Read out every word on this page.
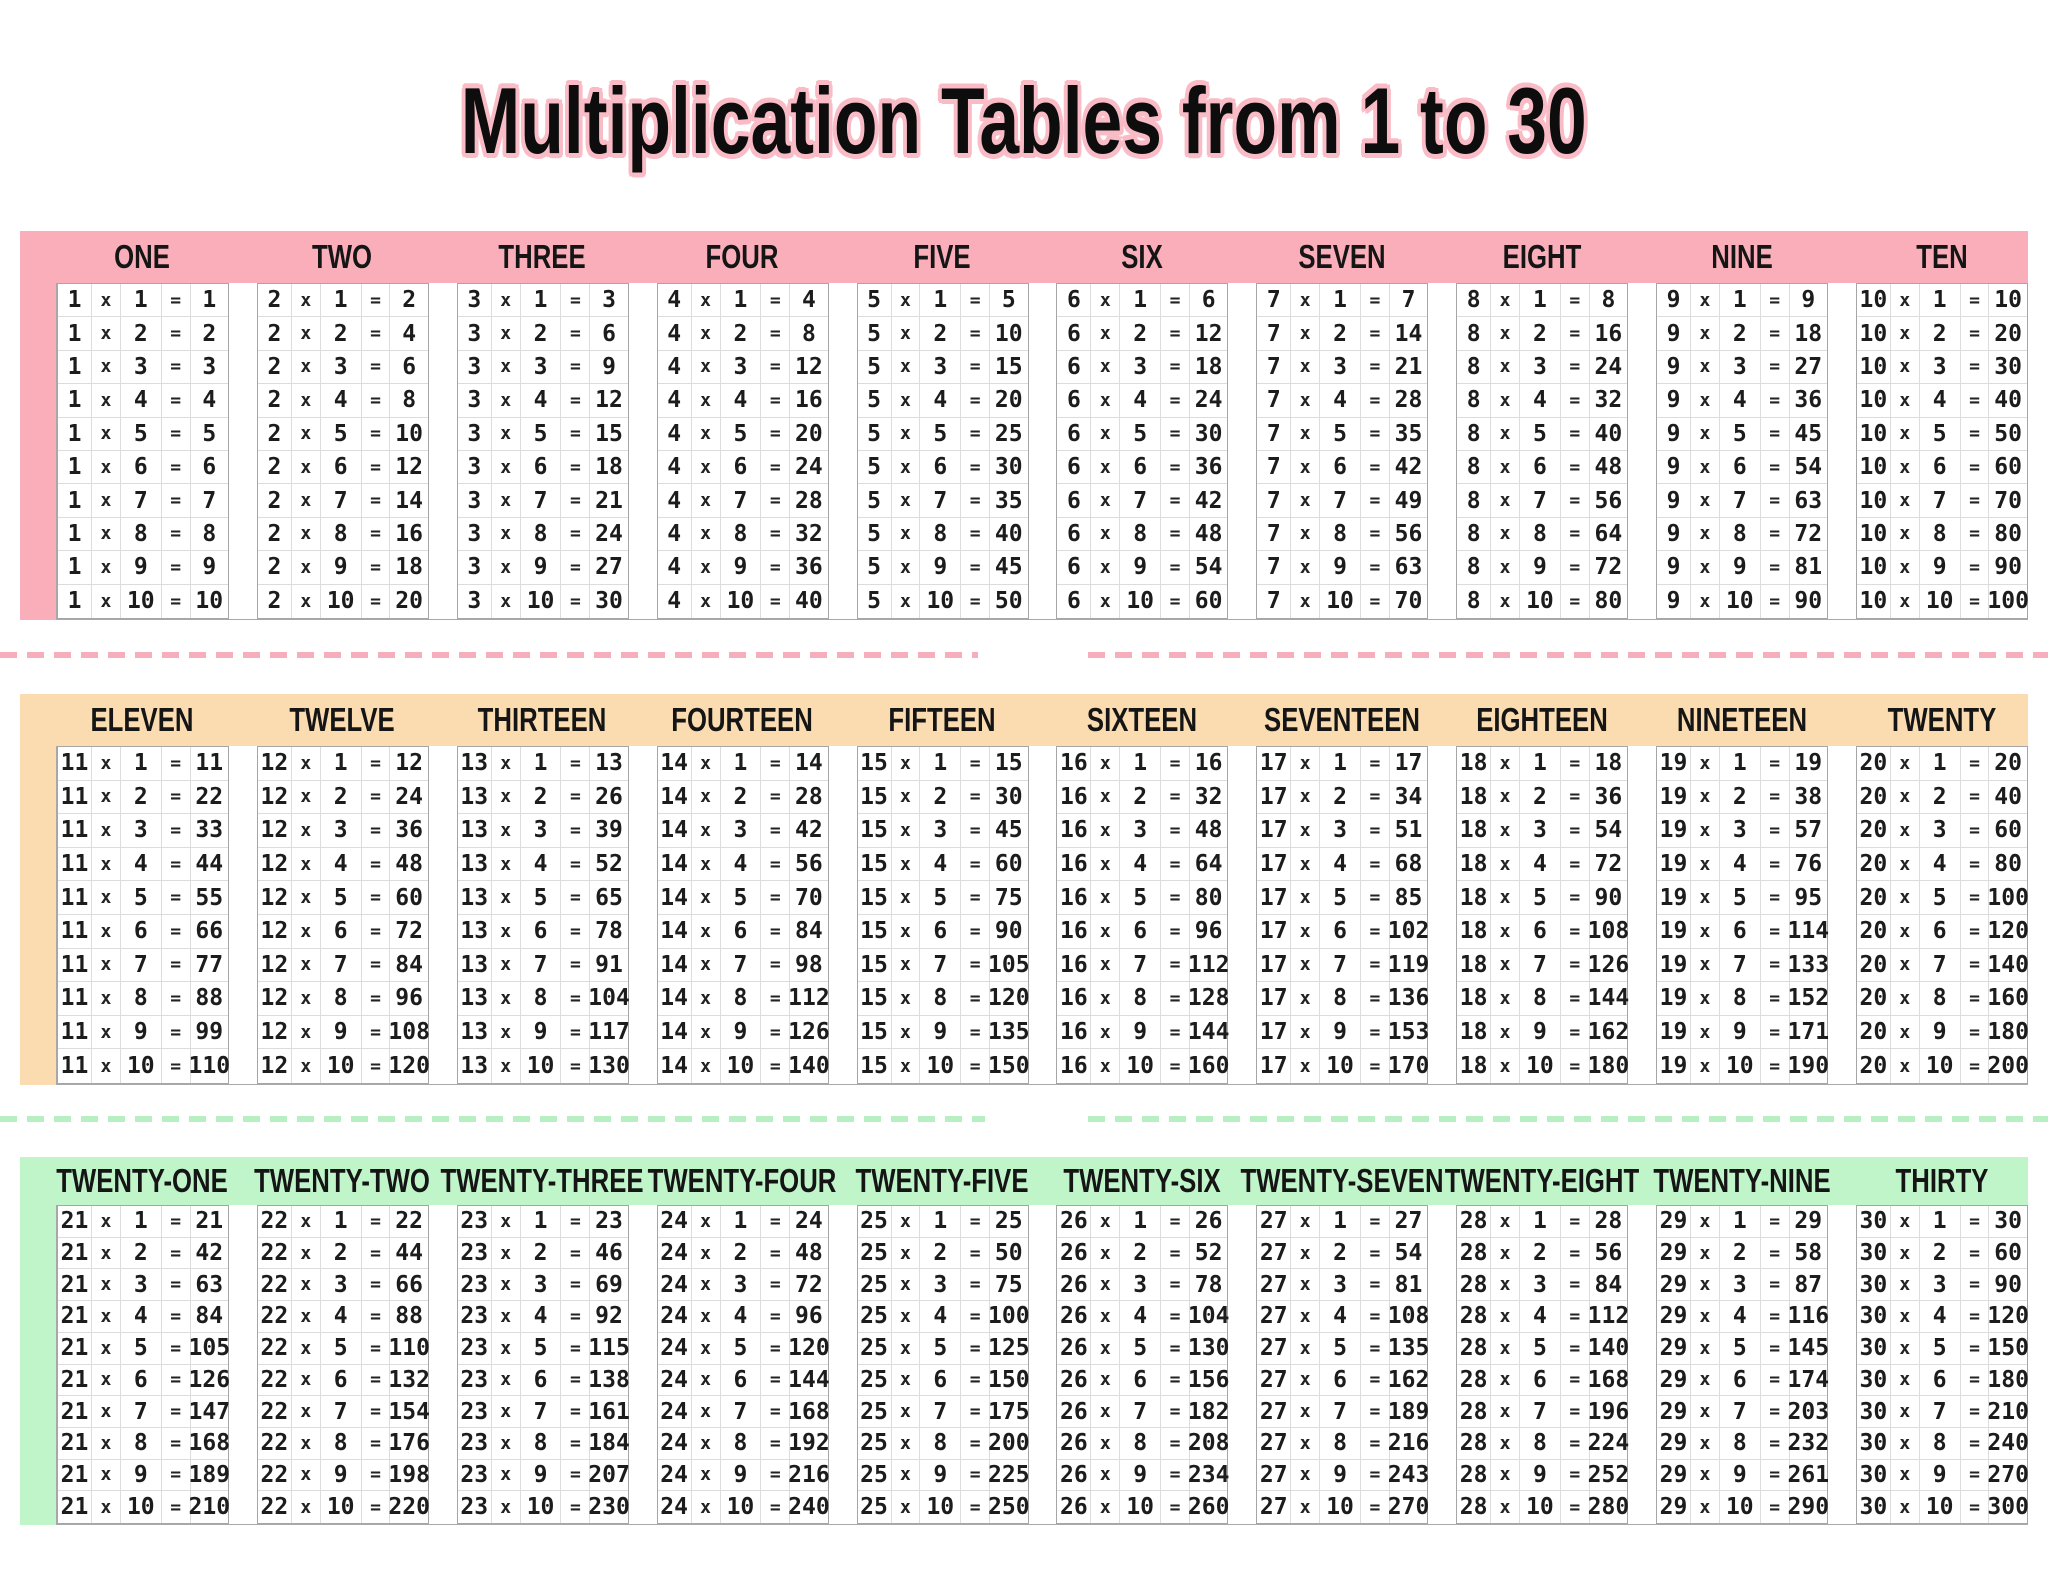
Multiplication Tables from 1 to 30
ONE	TWO	THREE	FOUR	FIVE	SIX	SEVEN	EIGHT	NINE	TEN
1	x 1	= 1
1	x 2	= 2
1	x 3	= 3
1	x 4	= 4
1	x 5	= 5
1	x 6	= 6
1	x 7	= 7
1	x 8	= 8
1	x 9	= 9
1	x 10 = 10
2	x 1	= 2
2	x 2	= 4
2	x 3	= 6
2	x 4	= 8
2	x 5	= 10
2	x 6	= 12
2	x 7	= 14
2	x 8	= 16
2	x 9	= 18
2	x 10 = 20
3	x 1	= 3
3	x 2	= 6
3	x 3	= 9
3	x 4	= 12
3	x 5	= 15
3	x 6	= 18
3	x 7	= 21
3	x 8	= 24
3	x 9	= 27
3	x 10 = 30
4	x 1	= 4
4	x 2	= 8
4	x 3	= 12
4	x 4	= 16
4	x 5	= 20
4	x 6	= 24
4	x 7	= 28
4	x 8	= 32
4	x 9	= 36
4	x 10 = 40
5	x 1	= 5
5	x 2	= 10
5	x 3	= 15
5	x 4	= 20
5	x 5	= 25
5	x 6	= 30
5	x 7	= 35
5	x 8	= 40
5	x 9	= 45
5	x 10 = 50
6	x 1	= 6
6	x 2	= 12
6	x 3	= 18
6	x 4	= 24
6	x 5	= 30
6	x 6	= 36
6	x 7	= 42
6	x 8	= 48
6	x 9	= 54
6	x 10 = 60
7	x 1	= 7
7	x 2	= 14
7	x 3	= 21
7	x 4	= 28
7	x 5	= 35
7	x 6	= 42
7	x 7	= 49
7	x 8	= 56
7	x 9	= 63
7	x 10 = 70
8	x 1	= 8
8	x 2	= 16
8	x 3	= 24
8	x 4	= 32
8	x 5	= 40
8	x 6	= 48
8	x 7	= 56
8	x 8	= 64
8	x 9	= 72
8	x 10 = 80
9	x 1	= 9
9	x 2	= 18
9	x 3	= 27
9	x 4	= 36
9	x 5	= 45
9	x 6	= 54
9	x 7	= 63
9	x 8	= 72
9	x 9	= 81
9	x 10 = 90
10 x 1	= 10
10 x 2	= 20
10 x 3	= 30
10 x 4	= 40
10 x 5	= 50
10 x 6	= 60
10 x 7	= 70
10 x 8	= 80
10 x 9	= 90
10 x 10 = 100
ELEVEN	TWELVE	THIRTEEN FOURTEEN	FIFTEEN	SIXTEEN	SEVENTEEN EIGHTEEN NINETEEN	TWENTY
11 x 1	= 11
11 x 2	= 22
11 x 3	= 33
11 x 4	= 44
11 x 5	= 55
11 x 6	= 66
11 x 7	= 77
11 x 8	= 88
11 x 9	= 99
11 x 10 = 110
12 x 1	= 12
12 x 2	= 24
12 x 3	= 36
12 x 4	= 48
12 x 5	= 60
12 x 6	= 72
12 x 7	= 84
12 x 8	= 96
12 x 9	= 108
12 x 10 = 120
13 x 1	= 13
13 x 2	= 26
13 x 3	= 39
13 x 4	= 52
13 x 5	= 65
13 x 6	= 78
13 x 7	= 91
13 x 8	= 104
13 x 9	= 117
13 x 10 = 130
14 x 1	= 14
14 x 2	= 28
14 x 3	= 42
14 x 4	= 56
14 x 5	= 70
14 x 6	= 84
14 x 7	= 98
14 x 8	= 112
14 x 9	= 126
14 x 10 = 140
15 x 1	= 15
15 x 2	= 30
15 x 3	= 45
15 x 4	= 60
15 x 5	= 75
15 x 6	= 90
15 x 7	= 105
15 x 8	= 120
15 x 9	= 135
15 x 10 = 150
16 x 1	= 16
16 x 2	= 32
16 x 3	= 48
16 x 4	= 64
16 x 5	= 80
16 x 6	= 96
16 x 7	= 112
16 x 8	= 128
16 x 9	= 144
16 x 10 = 160
17 x 1	= 17
17 x 2	= 34
17 x 3	= 51
17 x 4	= 68
17 x 5	= 85
17 x 6	= 102
17 x 7	= 119
17 x 8	= 136
17 x 9	= 153
17 x 10 = 170
18 x 1	= 18
18 x 2	= 36
18 x 3	= 54
18 x 4	= 72
18 x 5	= 90
18 x 6	= 108
18 x 7	= 126
18 x 8	= 144
18 x 9	= 162
18 x 10 = 180
19 x 1	= 19
19 x 2	= 38
19 x 3	= 57
19 x 4	= 76
19 x 5	= 95
19 x 6	= 114
19 x 7	= 133
19 x 8	= 152
19 x 9	= 171
19 x 10 = 190
20 x 1	= 20
20 x 2	= 40
20 x 3	= 60
20 x 4	= 80
20 x 5	= 100
20 x 6	= 120
20 x 7	= 140
20 x 8	= 160
20 x 9	= 180
20 x 10 = 200
TWENTY-ONE TWENTY-TWO TWENTY-THREE TWENTY-FOUR TWENTY-FIVE TWENTY-SIX TWENTY-SEVEN TWENTY-EIGHT TWENTY-NINE	THIRTY
21 x 1	= 21
21 x 2	= 42
21 x 3	= 63
21 x 4	= 84
21 x 5	= 105
21 x 6	= 126
21 x 7	= 147
21 x 8	= 168
21 x 9	= 189
21 x 10 = 210
22 x 1	= 22
22 x 2	= 44
22 x 3	= 66
22 x 4	= 88
22 x 5	= 110
22 x 6	= 132
22 x 7	= 154
22 x 8	= 176
22 x 9	= 198
22 x 10 = 220
23 x 1	= 23
23 x 2	= 46
23 x 3	= 69
23 x 4	= 92
23 x 5	= 115
23 x 6	= 138
23 x 7	= 161
23 x 8	= 184
23 x 9	= 207
23 x 10 = 230
24 x 1	= 24
24 x 2	= 48
24 x 3	= 72
24 x 4	= 96
24 x 5	= 120
24 x 6	= 144
24 x 7	= 168
24 x 8	= 192
24 x 9	= 216
24 x 10 = 240
25 x 1	= 25
25 x 2	= 50
25 x 3	= 75
25 x 4	= 100
25 x 5	= 125
25 x 6	= 150
25 x 7	= 175
25 x 8	= 200
25 x 9	= 225
25 x 10 = 250
26 x 1	= 26
26 x 2	= 52
26 x 3	= 78
26 x 4	= 104
26 x 5	= 130
26 x 6	= 156
26 x 7	= 182
26 x 8	= 208
26 x 9	= 234
26 x 10 = 260
27 x 1	= 27
27 x 2	= 54
27 x 3	= 81
27 x 4	= 108
27 x 5	= 135
27 x 6	= 162
27 x 7	= 189
27 x 8	= 216
27 x 9	= 243
27 x 10 = 270
28 x 1	= 28
28 x 2	= 56
28 x 3	= 84
28 x 4	= 112
28 x 5	= 140
28 x 6	= 168
28 x 7	= 196
28 x 8	= 224
28 x 9	= 252
28 x 10 = 280
29 x 1	= 29
29 x 2	= 58
29 x 3	= 87
29 x 4	= 116
29 x 5	= 145
29 x 6	= 174
29 x 7	= 203
29 x 8	= 232
29 x 9	= 261
29 x 10 = 290
30 x 1	= 30
30 x 2	= 60
30 x 3	= 90
30 x 4	= 120
30 x 5	= 150
30 x 6	= 180
30 x 7	= 210
30 x 8	= 240
30 x 9	= 270
30 x 10 = 300
